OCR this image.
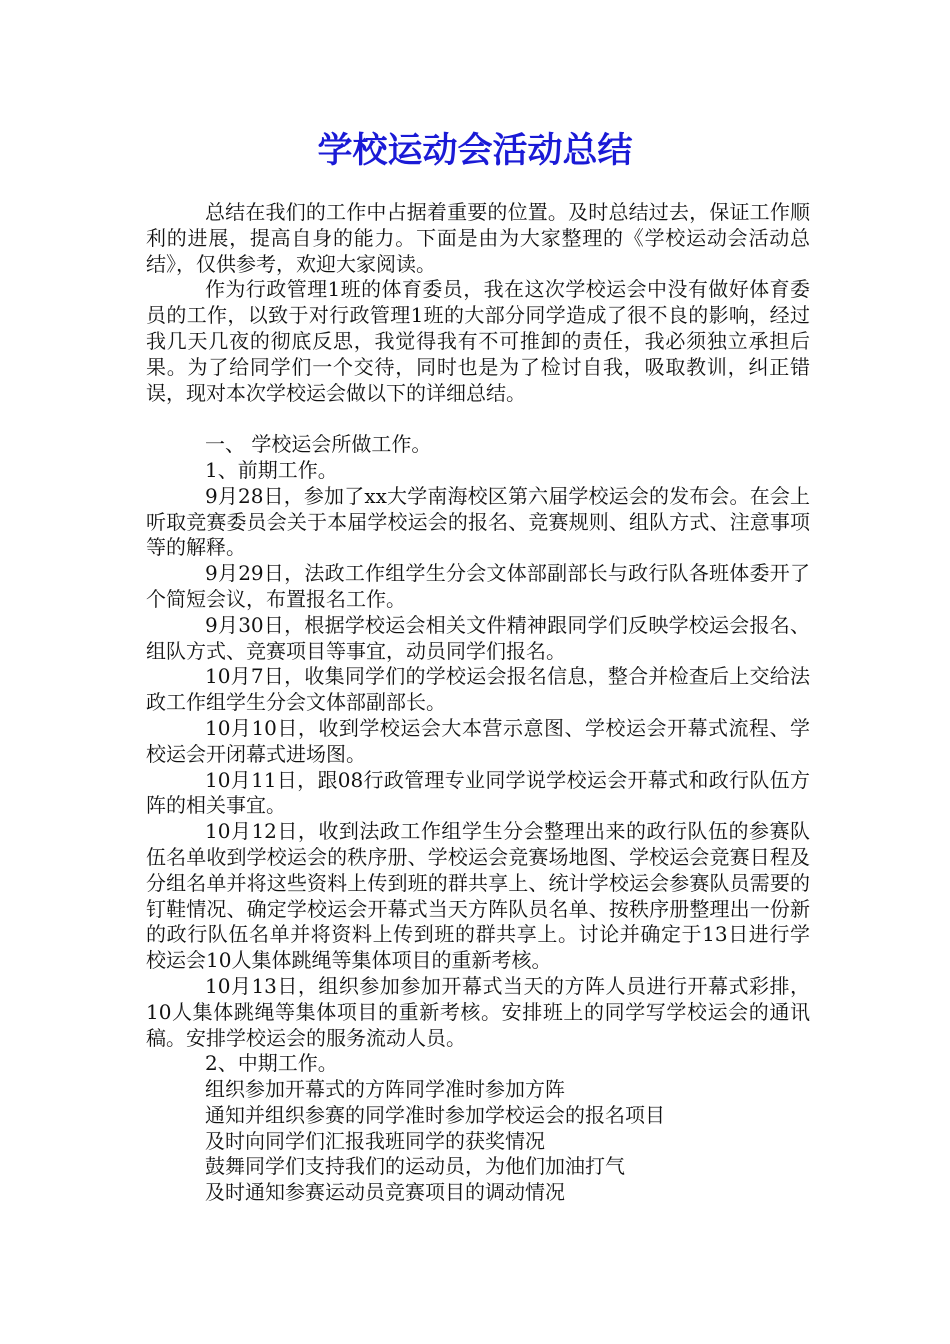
学校运动会活动总结

总结在我们的工作中占据着重要的位置。及时总结过去，保证工作顺利的进展，提高自身的能力。下面是由为大家整理的《学校运动会活动总结》，仅供参考，欢迎大家阅读。

作为行政管理1班的体育委员，我在这次学校运会中没有做好体育委员的工作，以致于对行政管理1班的大部分同学造成了很不良的影响，经过我几天几夜的彻底反思，我觉得我有不可推卸的责任，我必须独立承担后果。为了给同学们一个交待，同时也是为了检讨自我，吸取教训，纠正错误，现对本次学校运会做以下的详细总结。

一、 学校运会所做工作。

1、前期工作。

9月28日，参加了xx大学南海校区第六届学校运会的发布会。在会上听取竞赛委员会关于本届学校运会的报名、竞赛规则、组队方式、注意事项等的解释。

9月29日，法政工作组学生分会文体部副部长与政行队各班体委开了个简短会议，布置报名工作。

9月30日，根据学校运会相关文件精神跟同学们反映学校运会报名、组队方式、竞赛项目等事宜，动员同学们报名。

10月7日，收集同学们的学校运会报名信息，整合并检查后上交给法政工作组学生分会文体部副部长。

10月10日，收到学校运会大本营示意图、学校运会开幕式流程、学校运会开闭幕式进场图。

10月11日，跟08行政管理专业同学说学校运会开幕式和政行队伍方阵的相关事宜。

10月12日，收到法政工作组学生分会整理出来的政行队伍的参赛队伍名单收到学校运会的秩序册、学校运会竞赛场地图、学校运会竞赛日程及分组名单并将这些资料上传到班的群共享上、统计学校运会参赛队员需要的钉鞋情况、确定学校运会开幕式当天方阵队员名单、按秩序册整理出一份新的政行队伍名单并将资料上传到班的群共享上。讨论并确定于13日进行学校运会10人集体跳绳等集体项目的重新考核。

10月13日，组织参加参加开幕式当天的方阵人员进行开幕式彩排，10人集体跳绳等集体项目的重新考核。安排班上的同学写学校运会的通讯稿。安排学校运会的服务流动人员。

2、中期工作。

组织参加开幕式的方阵同学准时参加方阵

通知并组织参赛的同学准时参加学校运会的报名项目

及时向同学们汇报我班同学的获奖情况

鼓舞同学们支持我们的运动员，为他们加油打气

及时通知参赛运动员竞赛项目的调动情况
